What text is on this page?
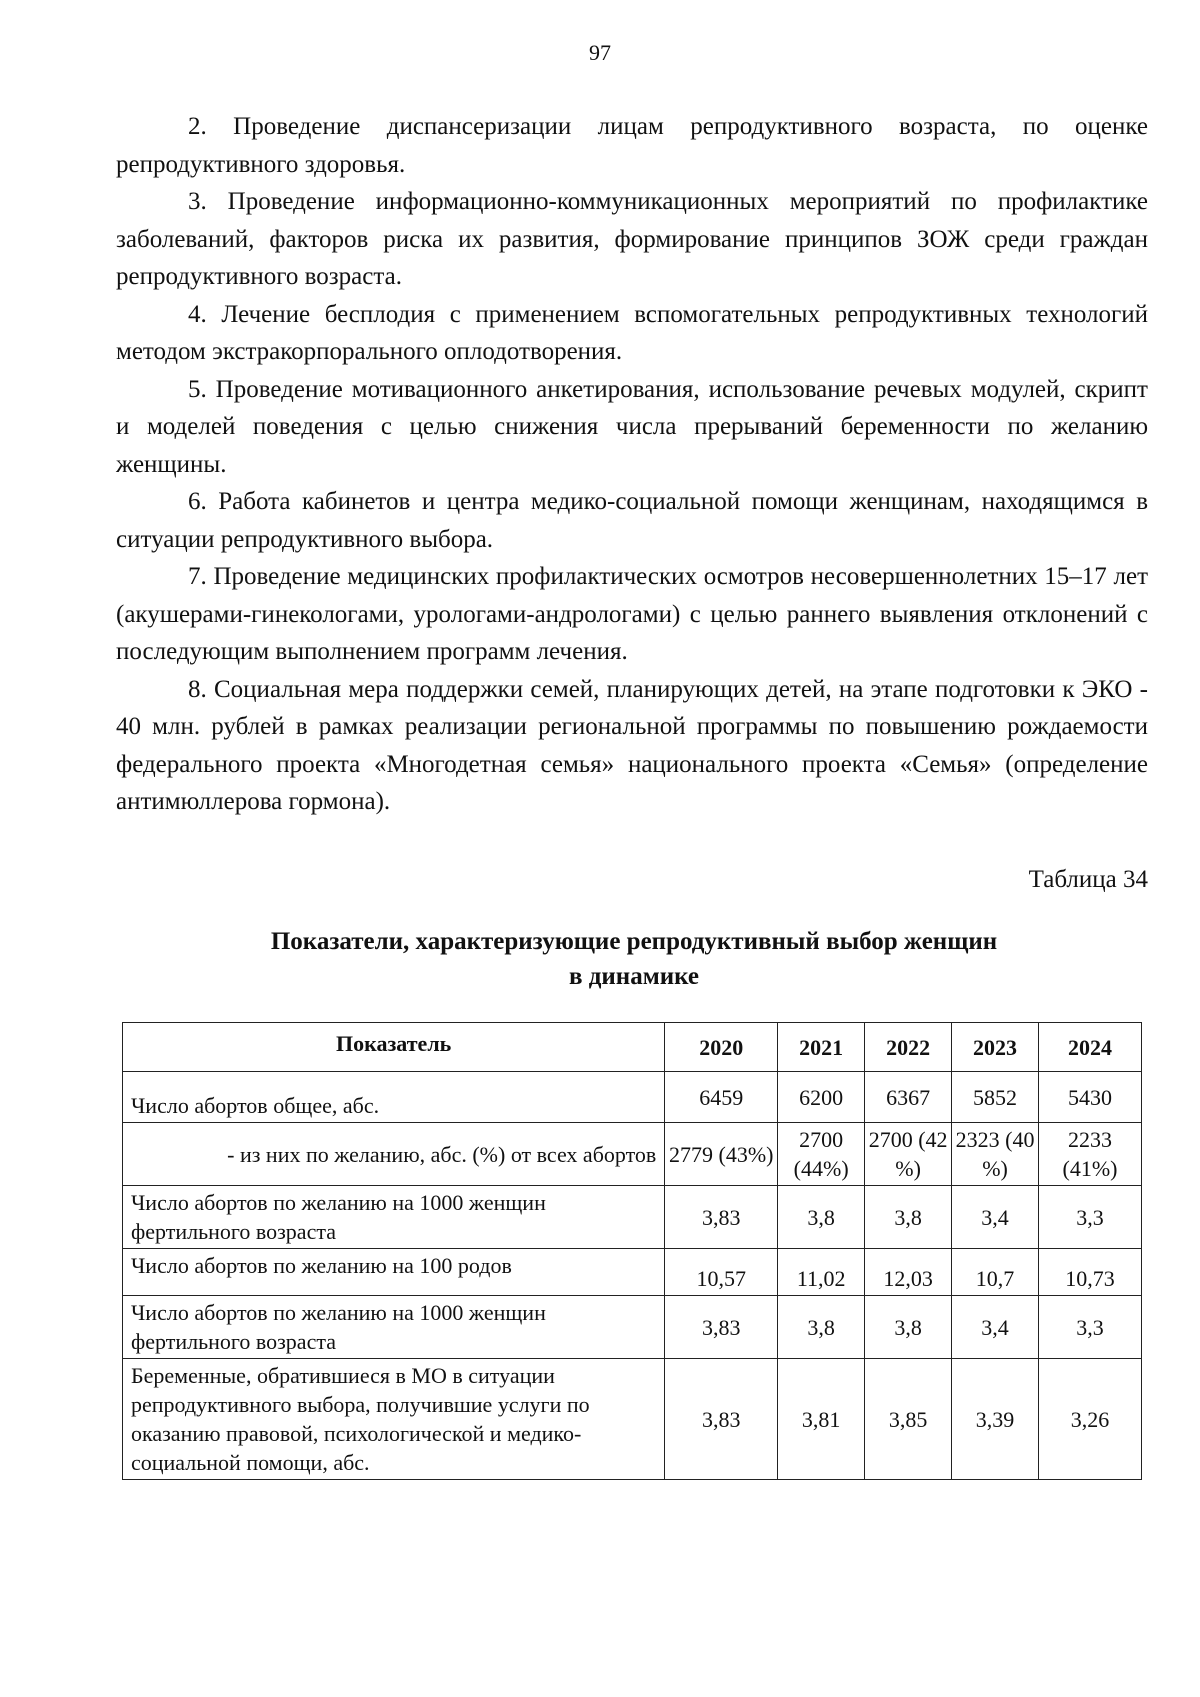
97

2. Проведение диспансеризации лицам репродуктивного возраста, по оценке репродуктивного здоровья.

3. Проведение информационно-коммуникационных мероприятий по профилактике заболеваний, факторов риска их развития, формирование принципов ЗОЖ среди граждан репродуктивного возраста.

4. Лечение бесплодия с применением вспомогательных репродуктивных технологий методом экстракорпорального оплодотворения.

5. Проведение мотивационного анкетирования, использование речевых модулей, скрипт и моделей поведения с целью снижения числа прерываний беременности по желанию женщины.

6. Работа кабинетов и центра медико-социальной помощи женщинам, находящимся в ситуации репродуктивного выбора.

7. Проведение медицинских профилактических осмотров несовершеннолетних 15–17 лет (акушерами-гинекологами, урологами-андрологами) с целью раннего выявления отклонений с последующим выполнением программ лечения.

8. Социальная мера поддержки семей, планирующих детей, на этапе подготовки к ЭКО - 40 млн. рублей в рамках реализации региональной программы по повышению рождаемости федерального проекта «Многодетная семья» национального проекта «Семья» (определение антимюллерова гормона).

Таблица 34
Показатели, характеризующие репродуктивный выбор женщин
в динамике
Показатель	2020	2021	2022	2023	2024
Число абортов общее, абс.	6459	6200	6367	5852	5430
- из них по желанию, абс. (%) от всех абортов	2779 (43%)	2700 (44%)	2700 (42 %)	2323 (40 %)	2233 (41%)
Число абортов по желанию на 1000 женщин фертильного возраста	3,83	3,8	3,8	3,4	3,3
Число абортов по желанию на 100 родов	10,57	11,02	12,03	10,7	10,73
Число абортов по желанию на 1000 женщин фертильного возраста	3,83	3,8	3,8	3,4	3,3
Беременные, обратившиеся в МО в ситуации репродуктивного выбора, получившие услуги по оказанию правовой, психологической и медико-социальной помощи, абс.	3,83	3,81	3,85	3,39	3,26
